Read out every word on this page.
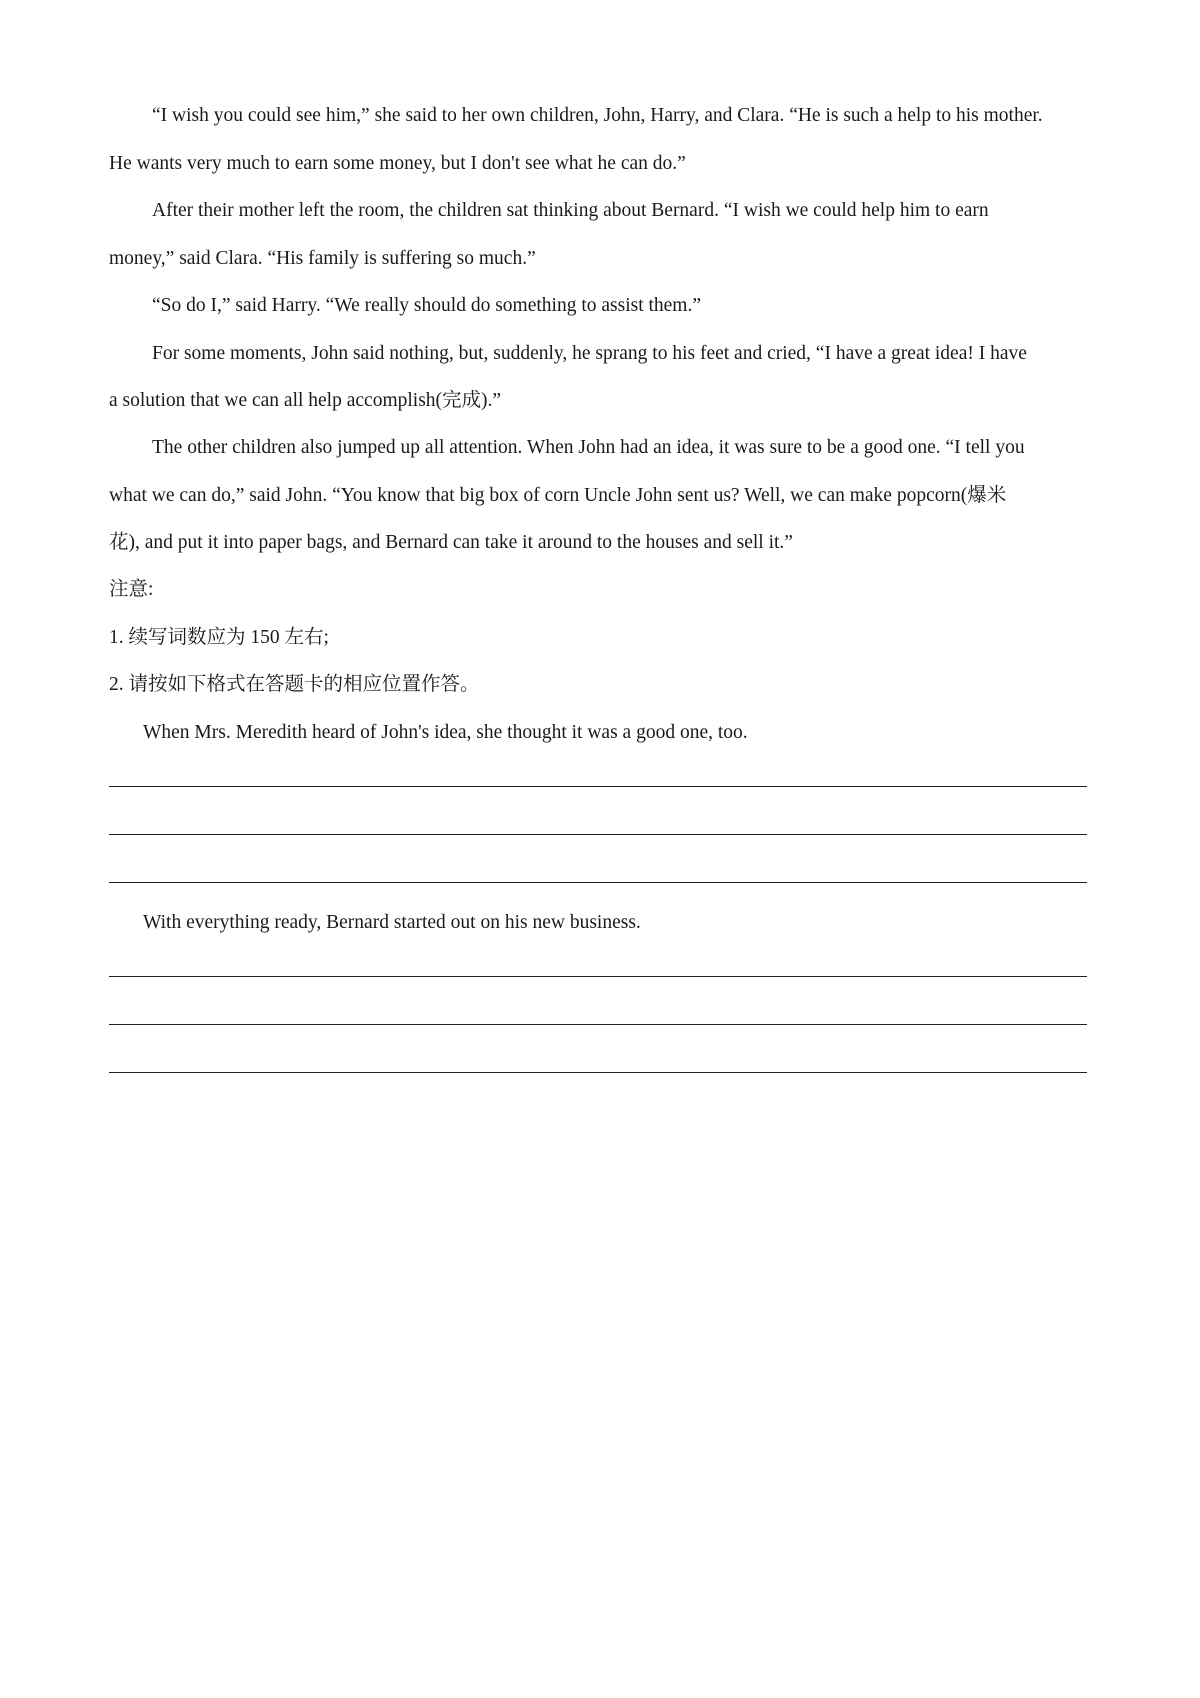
“I wish you could see him,” she said to her own children, John, Harry, and Clara. “He is such a help to his mother.
He wants very much to earn some money, but I don't see what he can do.”
After their mother left the room, the children sat thinking about Bernard. “I wish we could help him to earn
money,” said Clara. “His family is suffering so much.”
“So do I,” said Harry. “We really should do something to assist them.”
For some moments, John said nothing, but, suddenly, he sprang to his feet and cried, “I have a great idea! I have
a solution that we can all help accomplish(完成).”
The other children also jumped up all attention. When John had an idea, it was sure to be a good one. “I tell you
what we can do,” said John. “You know that big box of corn Uncle John sent us? Well, we can make popcorn(爆米
花), and put it into paper bags, and Bernard can take it around to the houses and sell it.”
注意:
1. 续写词数应为 150 左右;
2. 请按如下格式在答题卡的相应位置作答。
When Mrs. Meredith heard of John's idea, she thought it was a good one, too.
With everything ready, Bernard started out on his new business.
